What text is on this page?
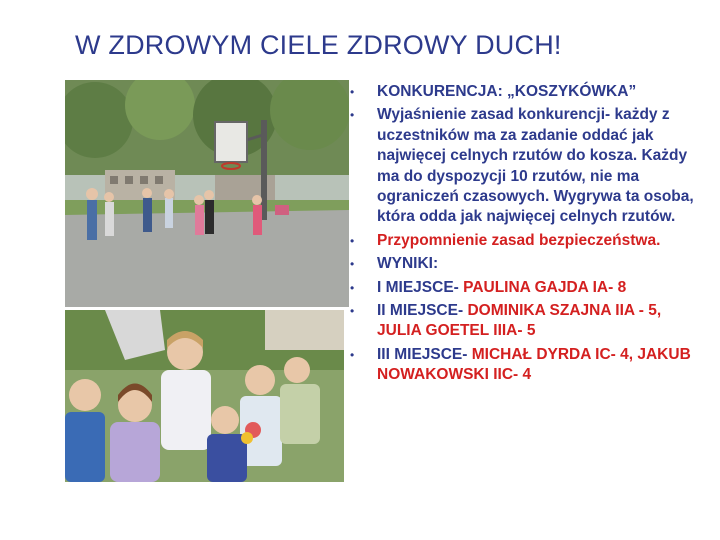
W ZDROWYM CIELE ZDROWY DUCH!
• KONKURENCJA: „KOSZYKÓWKA”
• Wyjaśnienie zasad konkurencji- każdy z uczestników ma za zadanie oddać jak najwięcej celnych rzutów do kosza. Każdy ma do dyspozycji 10 rzutów, nie ma ograniczeń czasowych. Wygrywa ta osoba, która odda jak najwięcej celnych rzutów.
• Przypomnienie zasad bezpieczeństwa.
• WYNIKI:
• I MIEJSCE- PAULINA GAJDA IA- 8
• II MIEJSCE- DOMINIKA SZAJNA IIA - 5, JULIA GOETEL IIIA- 5
• III MIEJSCE- MICHAŁ DYRDA IC- 4, JAKUB NOWAKOWSKI IIC- 4
